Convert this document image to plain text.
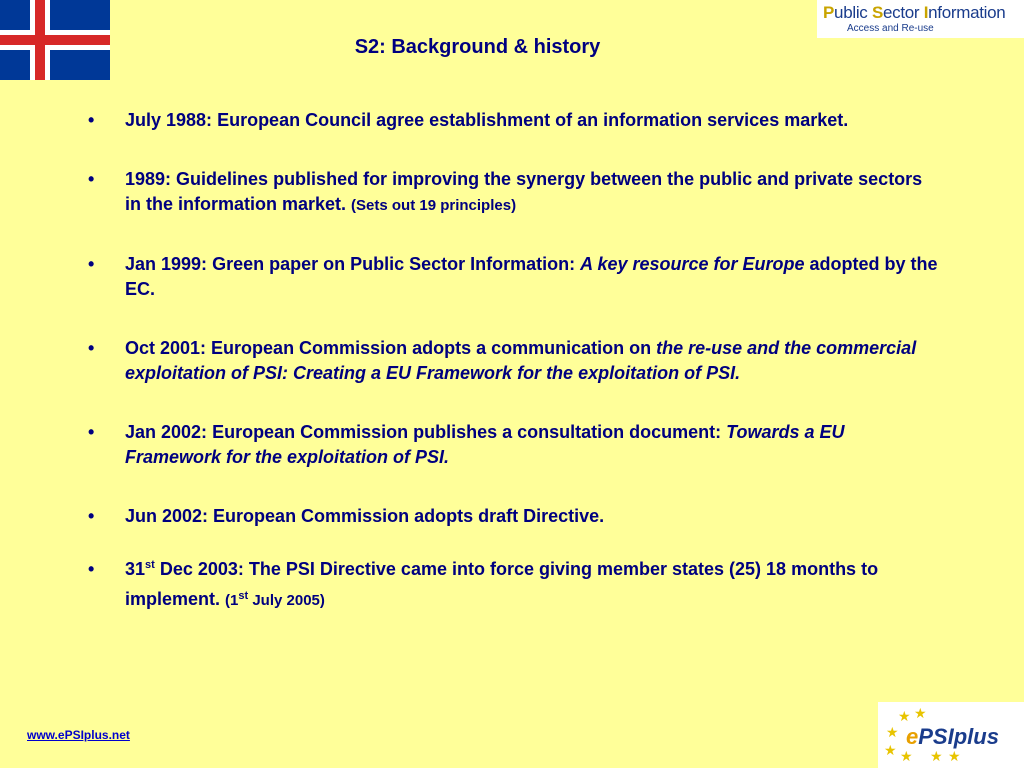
Public Sector Information
Access and Re-use
S2: Background & history
• July 1988: European Council agree establishment of an information services market.
• 1989: Guidelines published for improving the synergy between the public and private sectors in the information market. (Sets out 19 principles)
• Jan 1999: Green paper on Public Sector Information: A key resource for Europe adopted by the EC.
• Oct 2001: European Commission adopts a communication on the re-use and the commercial exploitation of PSI: Creating a EU Framework for the exploitation of PSI.
• Jan 2002: European Commission publishes a consultation document: Towards a EU Framework for the exploitation of PSI.
• Jun 2002: European Commission adopts draft Directive.
• 31st Dec 2003: The PSI Directive came into force giving member states (25) 18 months to implement. (1st July 2005)
www.ePSIplus.net
★ ★
★
★ ★ ★ ★
ePSIplus
